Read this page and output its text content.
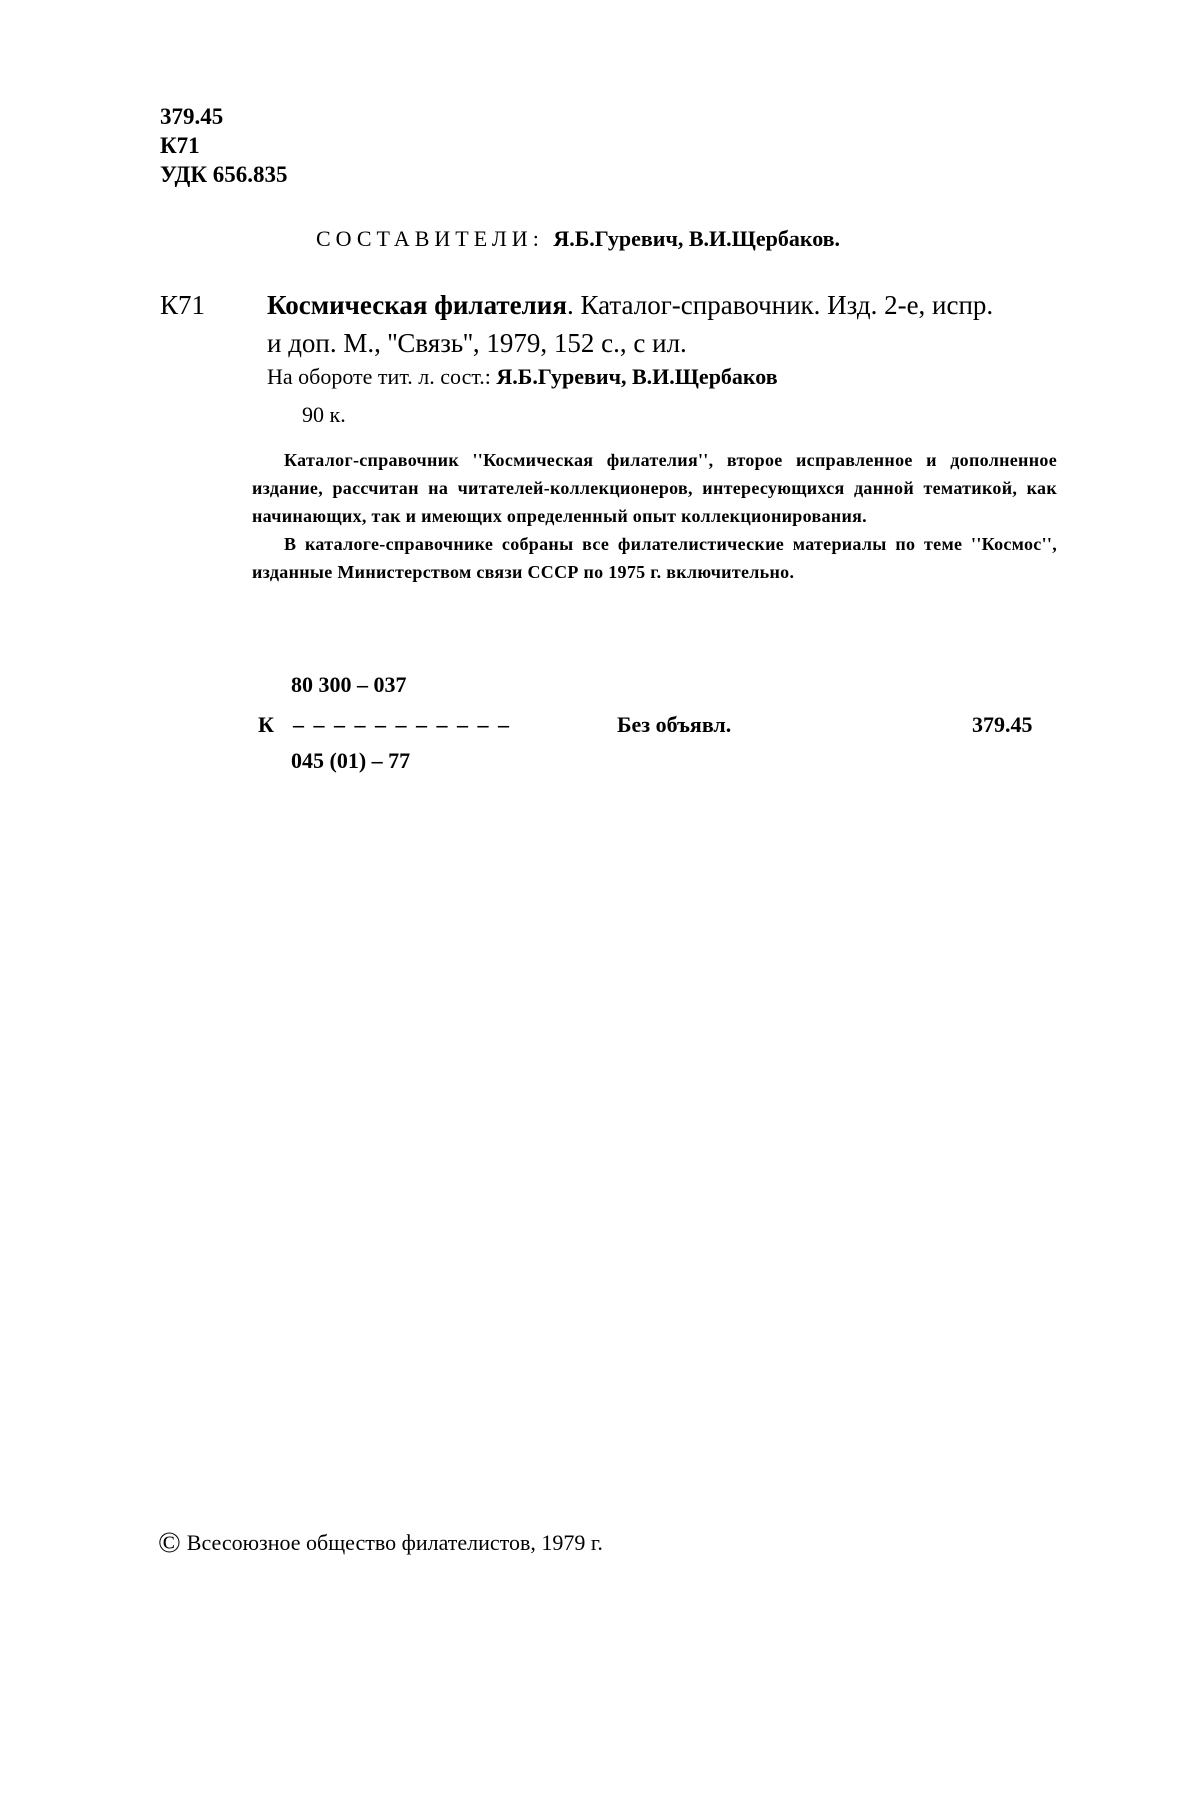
379.45
К71
УДК 656.835
СОСТАВИТЕЛИ: Я.Б.Гуревич, В.И.Щербаков.
К71 Космическая филателия. Каталог-справочник. Изд. 2-е, испр.
и доп. М., ''Связь'', 1979, 152 с., с ил.
На обороте тит. л. сост.: Я.Б.Гуревич, В.И.Щербаков
90 к.

Каталог-справочник ''Космическая филателия'', второе исправленное и дополненное издание, рассчитан на читателей-коллекционеров, интересующихся данной тематикой, как начинающих, так и имеющих определенный опыт коллекционирования.

В каталоге-справочнике собраны все филателистические материалы по теме ''Космос'', изданные Министерством связи СССР по 1975 г. включительно.

80 300 – 037
К – – – – – – – – – – –	Без объявл.	379.45
045 (01) – 77
© Всесоюзное общество филателистов, 1979 г.
